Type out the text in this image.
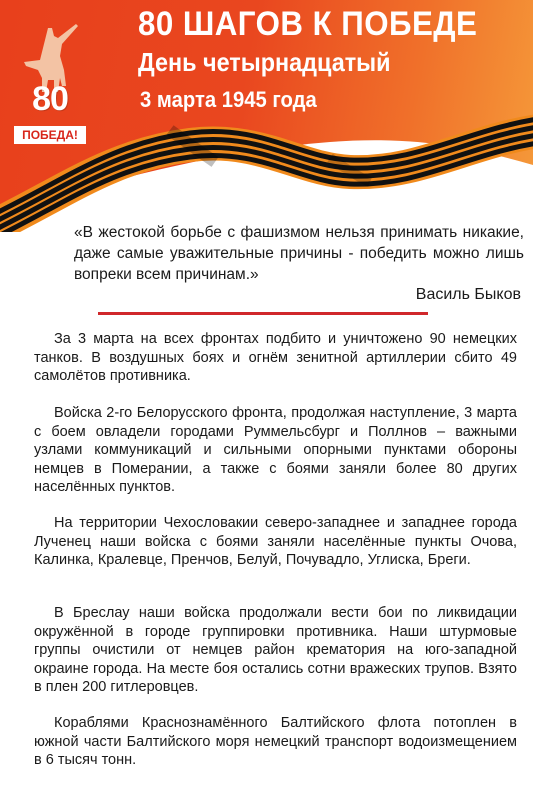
80
ПОБЕДА!
80 ШАГОВ К ПОБЕДЕ
День четырнадцатый
3 марта 1945 года
«В жестокой борьбе с фашизмом нельзя принимать никакие, даже самые уважительные причины - победить можно лишь вопреки всем причинам.»
Василь Быков
За 3 марта на всех фронтах подбито и уничтожено 90 немецких танков. В воздушных боях и огнём зенитной артиллерии сбито 49 самолётов противника.
Войска 2-го Белорусского фронта, продолжая наступление, 3 марта с боем овладели городами Руммельсбург и Поллнов – важными узлами коммуникаций и сильными опорными пунктами обороны немцев в Померании, а также с боями заняли более 80 других населённых пунктов.
На территории Чехословакии северо-западнее и западнее города Лученец наши войска с боями заняли населённые пункты Очова, Калинка, Кралевце, Пренчов, Белуй, Почувадло, Углиска, Бреги.
В Бреслау наши войска продолжали вести бои по ликвидации окружённой в городе группировки противника. Наши штурмовые группы очистили от немцев район крематория на юго-западной окраине города. На месте боя остались сотни вражеских трупов. Взято в плен 200 гитлеровцев.
Кораблями Краснознамённого Балтийского флота потоплен в южной части Балтийского моря немецкий транспорт водоизмещением в 6 тысяч тонн.
